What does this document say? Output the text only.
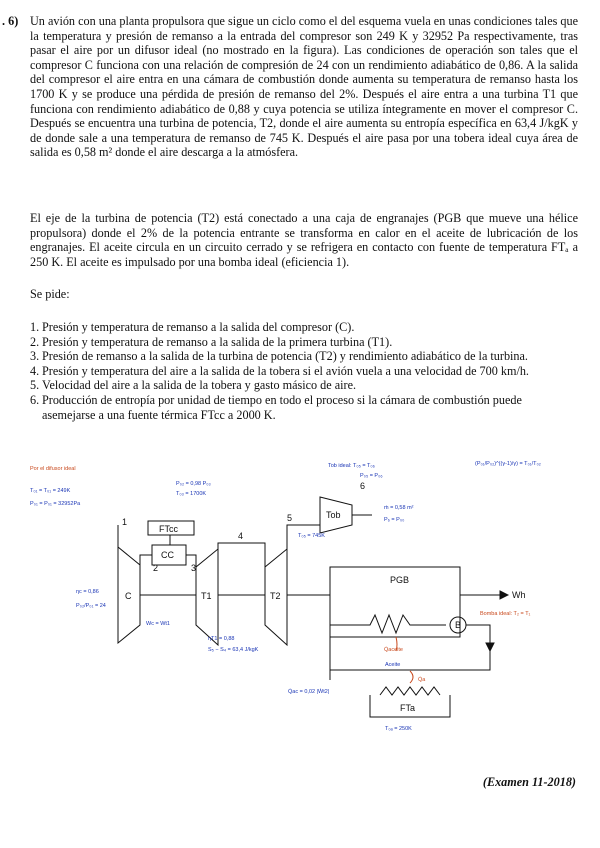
. 6) Un avión con una planta propulsora que sigue un ciclo como el del esquema vuela en unas condiciones tales que la temperatura y presión de remanso a la entrada del compresor son 249 K y 32952 Pa respectivamente, tras pasar el aire por un difusor ideal (no mostrado en la figura). Las condiciones de operación son tales que el compresor C funciona con una relación de compresión de 24 con un rendimiento adiabático de 0,86. A la salida del compresor el aire entra en una cámara de combustión donde aumenta su temperatura de remanso hasta los 1700 K y se produce una pérdida de presión de remanso del 2%. Después el aire entra a una turbina T1 que funciona con rendimiento adiabático de 0,88 y cuya potencia se utiliza íntegramente en mover el compresor C. Después se encuentra una turbina de potencia, T2, donde el aire aumenta su entropía específica en 63,4 J/kgK y de donde sale a una temperatura de remanso de 745 K. Después el aire pasa por una tobera ideal cuya área de salida es 0,58 m² donde el aire descarga a la atmósfera.

El eje de la turbina de potencia (T2) está conectado a una caja de engranajes (PGB que mueve una hélice propulsora) donde el 2% de la potencia entrante se transforma en calor en el aceite de lubricación de los engranajes. El aceite circula en un circuito cerrado y se refrigera en contacto con fuente de temperatura FTₐ a 250 K. El aceite es impulsado por una bomba ideal (eficiencia 1).

Se pide:

1. Presión y temperatura de remanso a la salida del compresor (C).
2. Presión y temperatura de remanso a la salida de la primera turbina (T1).
3. Presión de remanso a la salida de la turbina de potencia (T2) y rendimiento adiabático de la turbina.
4. Presión y temperatura del aire a la salida de la tobera si el avión vuela a una velocidad de 700 km/h.
5. Velocidad del aire a la salida de la tobera y gasto másico de aire.
6. Producción de entropía por unidad de tiempo en todo el proceso si la cámara de combustión puede asemejarse a una fuente térmica FTcc a 2000 K.
1
2	3
4
5
6
FTcc
CC
C	T1	T2
Tob
PGB
Wh
B
FTa
Por el difusor ideal
T₀₁ = T₀₁ = 249K
P₀₁ = P₀₁ = 32952Pa
P₀₂ = 0,98 P₀₃
T₀₃ = 1700K
T₀₅ = 745K
Tob ideal: T₀₅ = T₀₆
P₀₅ = P₀₆
ṁ = 0,58 m²
P₆ = P₀₀
ηc = 0,86
P₀₂/P₀₁ = 24
Wc = Wt1
ηT1 = 0,88
S₅ − S₄ = 63,4 J/kgK
Bomba ideal: T₂ = T₁
Q̇aceite
Aceite
Q̇ac = 0,02 |Ẇt2|
Q̇a
T₀ₐ = 250K
(P₀₁/P₀₂)^((γ-1)/γ) = T₀₁/T₀₂
(Examen 11-2018)
